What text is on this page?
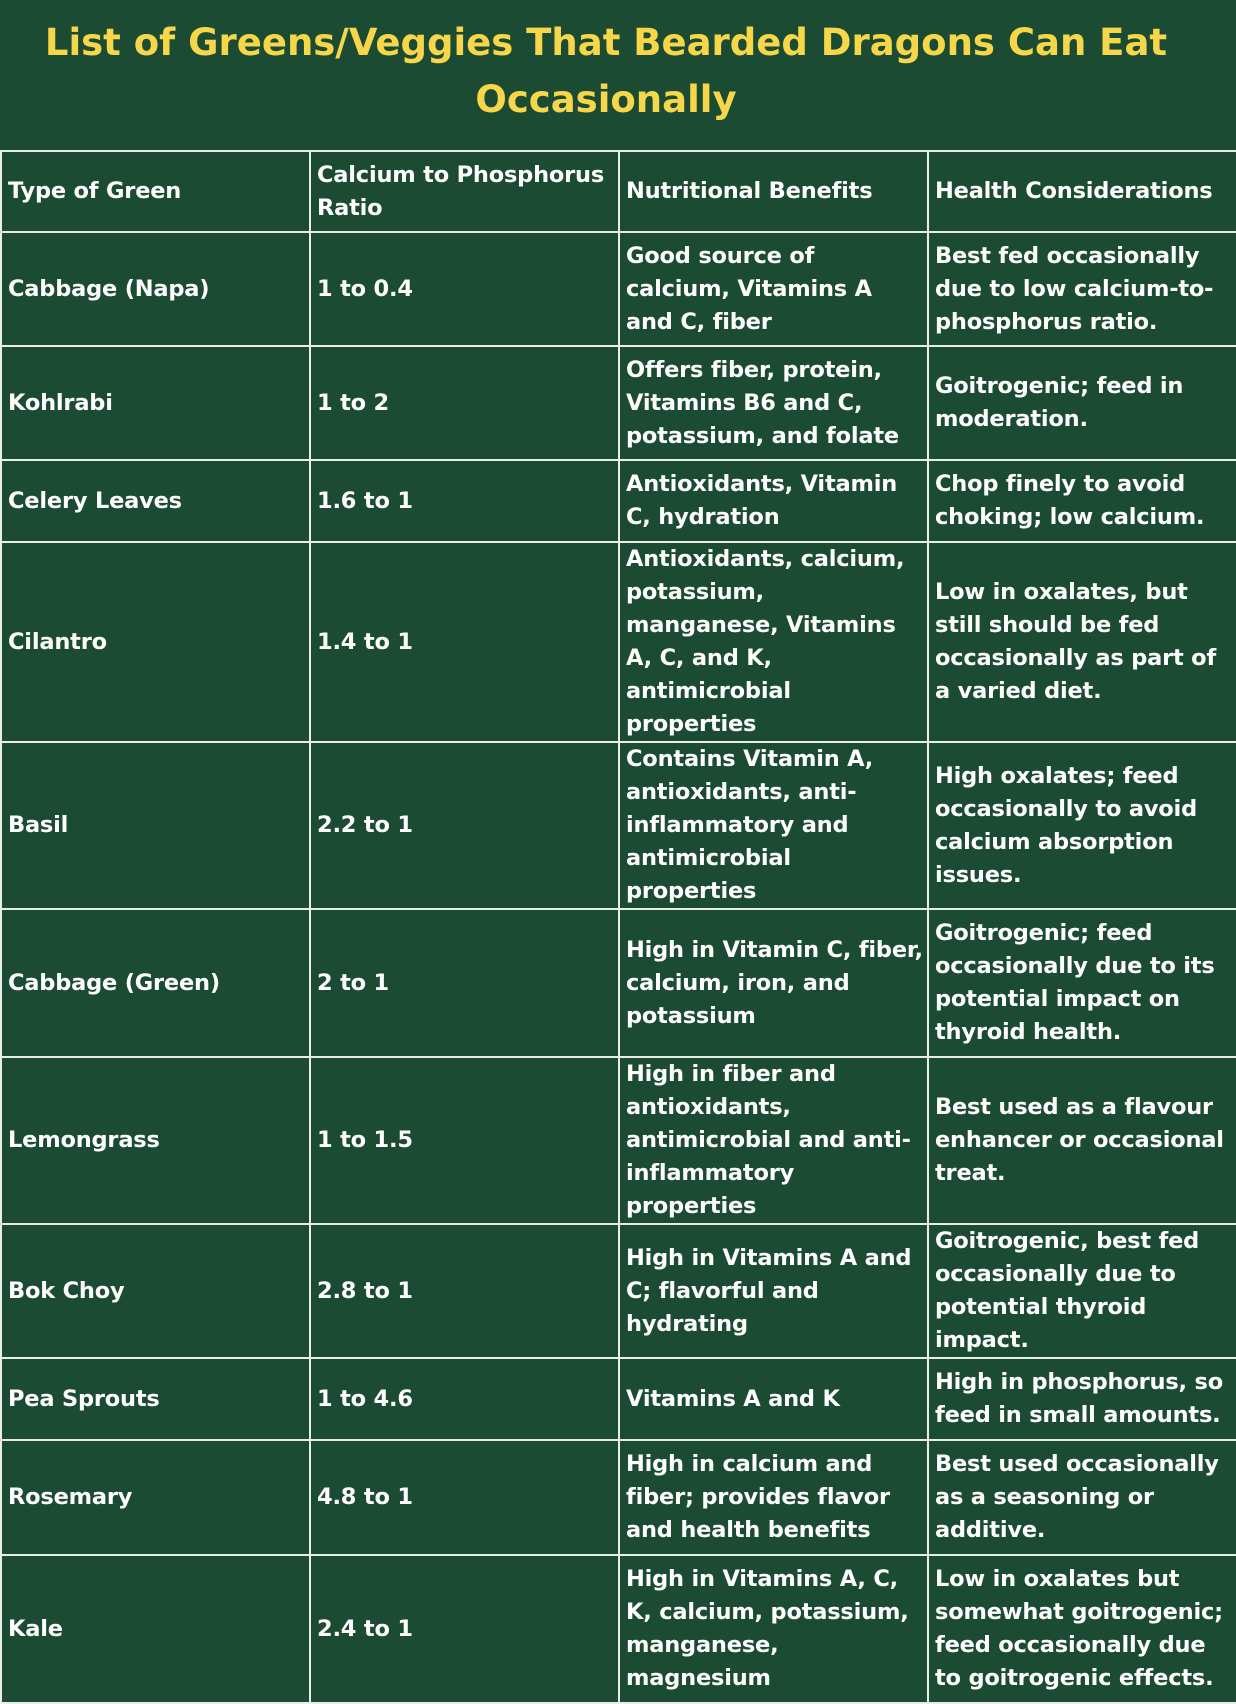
List of Greens/Veggies That Bearded Dragons Can Eat Occasionally
Type of Green	Calcium to Phosphorus Ratio	Nutritional Benefits	Health Considerations
Cabbage (Napa)	1 to 0.4	Good source of calcium, Vitamins A and C, fiber	Best fed occasionally due to low calcium-to-phosphorus ratio.
Kohlrabi	1 to 2	Offers fiber, protein, Vitamins B6 and C, potassium, and folate	Goitrogenic; feed in moderation.
Celery Leaves	1.6 to 1	Antioxidants, Vitamin C, hydration	Chop finely to avoid choking; low calcium.
Cilantro	1.4 to 1	Antioxidants, calcium, potassium, manganese, Vitamins A, C, and K, antimicrobial properties	Low in oxalates, but still should be fed occasionally as part of a varied diet.
Basil	2.2 to 1	Contains Vitamin A, antioxidants, anti-inflammatory and antimicrobial properties	High oxalates; feed occasionally to avoid calcium absorption issues.
Cabbage (Green)	2 to 1	High in Vitamin C, fiber, calcium, iron, and potassium	Goitrogenic; feed occasionally due to its potential impact on thyroid health.
Lemongrass	1 to 1.5	High in fiber and antioxidants, antimicrobial and anti-inflammatory properties	Best used as a flavour enhancer or occasional treat.
Bok Choy	2.8 to 1	High in Vitamins A and C; flavorful and hydrating	Goitrogenic, best fed occasionally due to potential thyroid impact.
Pea Sprouts	1 to 4.6	Vitamins A and K	High in phosphorus, so feed in small amounts.
Rosemary	4.8 to 1	High in calcium and fiber; provides flavor and health benefits	Best used occasionally as a seasoning or additive.
Kale	2.4 to 1	High in Vitamins A, C, K, calcium, potassium, manganese, magnesium	Low in oxalates but somewhat goitrogenic; feed occasionally due to goitrogenic effects.
